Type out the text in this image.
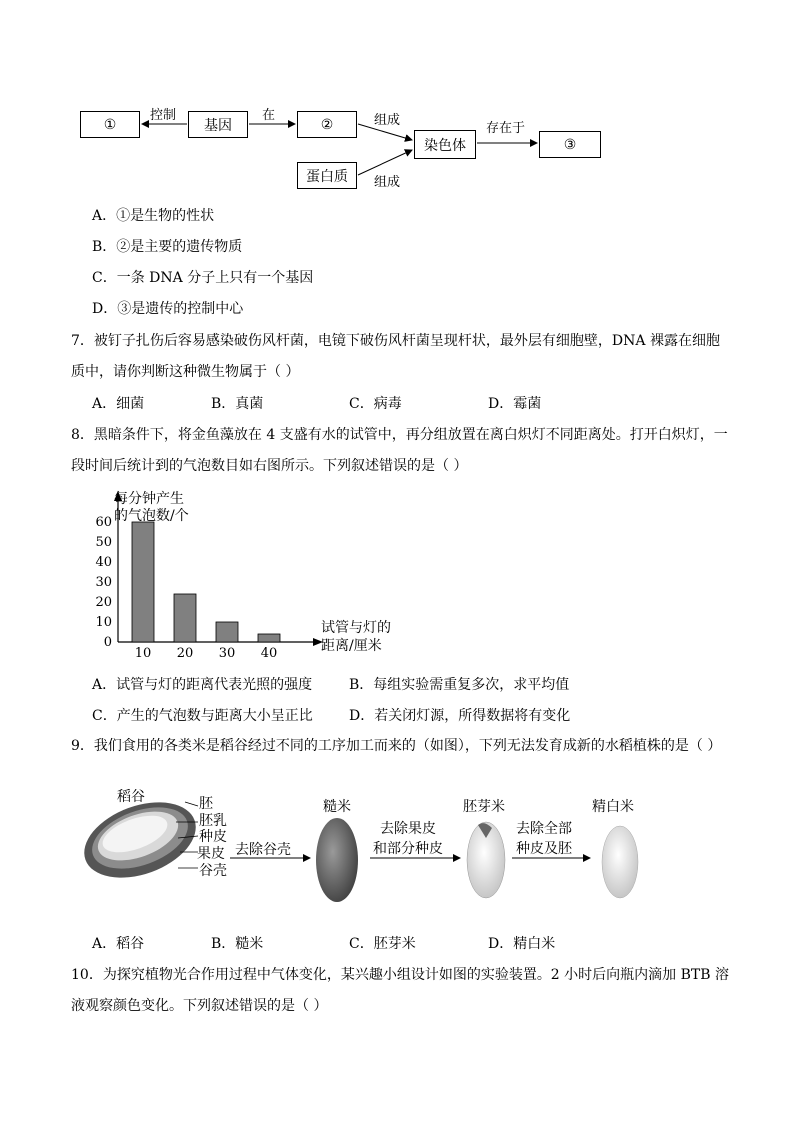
①	基因	②
蛋白质
染色体	③
控制	在	组成
组成
存在于
A．①是生物的性状
B．②是主要的遗传物质
C．一条 DNA 分子上只有一个基因
D．③是遗传的控制中心
7．被钉子扎伤后容易感染破伤风杆菌，电镜下破伤风杆菌呈现杆状，最外层有细胞壁，DNA 裸露在细胞
质中，请你判断这种微生物属于（ ）
A．细菌	B．真菌	C．病毒	D．霉菌
8．黑暗条件下，将金鱼藻放在 4 支盛有水的试管中，再分组放置在离白炽灯不同距离处。打开白炽灯，一
段时间后统计到的气泡数目如右图所示。下列叙述错误的是（ ）
0
10
20
30
40
50
60
10 20 30 40
每分钟产生
的气泡数/个
试管与灯的
距离/厘米
A．试管与灯的距离代表光照的强度	B．每组实验需重复多次，求平均值
C．产生的气泡数与距离大小呈正比	D．若关闭灯源，所得数据将有变化
9．我们食用的各类米是稻谷经过不同的工序加工而来的（如图），下列无法发育成新的水稻植株的是（ ）
稻谷	胚
胚乳
种皮
果皮
谷壳
去除谷壳
糙米
去除果皮
和部分种皮
胚芽米
去除全部
种皮及胚
精白米
A．稻谷	B．糙米	C．胚芽米	D．精白米
10．为探究植物光合作用过程中气体变化，某兴趣小组设计如图的实验装置。2 小时后向瓶内滴加 BTB 溶
液观察颜色变化。下列叙述错误的是（ ）
